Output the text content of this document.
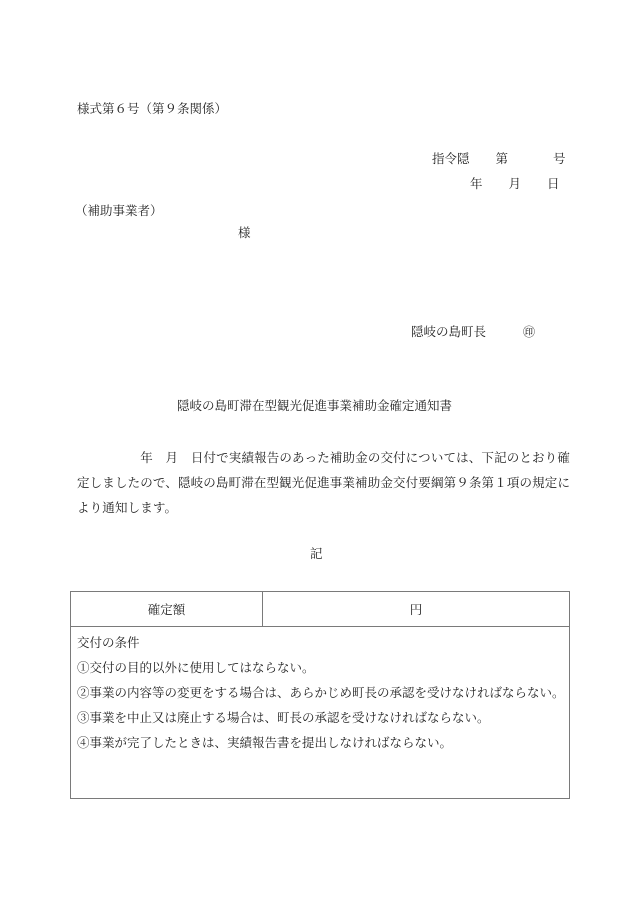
様式第６号（第９条関係）
指令隠 第	号
年 月 日
（補助事業者）
様
隠岐の島町長	㊞
隠岐の島町滞在型観光促進事業補助金確定通知書
　　　　　年　月　日付で実績報告のあった補助金の交付については、下記のとおり確
定しましたので、隠岐の島町滞在型観光促進事業補助金交付要綱第９条第１項の規定に
より通知します。
記
確定額	円
交付の条件
①交付の目的以外に使用してはならない。
②事業の内容等の変更をする場合は、あらかじめ町長の承認を受けなければならない。
③事業を中止又は廃止する場合は、町長の承認を受けなければならない。
④事業が完了したときは、実績報告書を提出しなければならない。
